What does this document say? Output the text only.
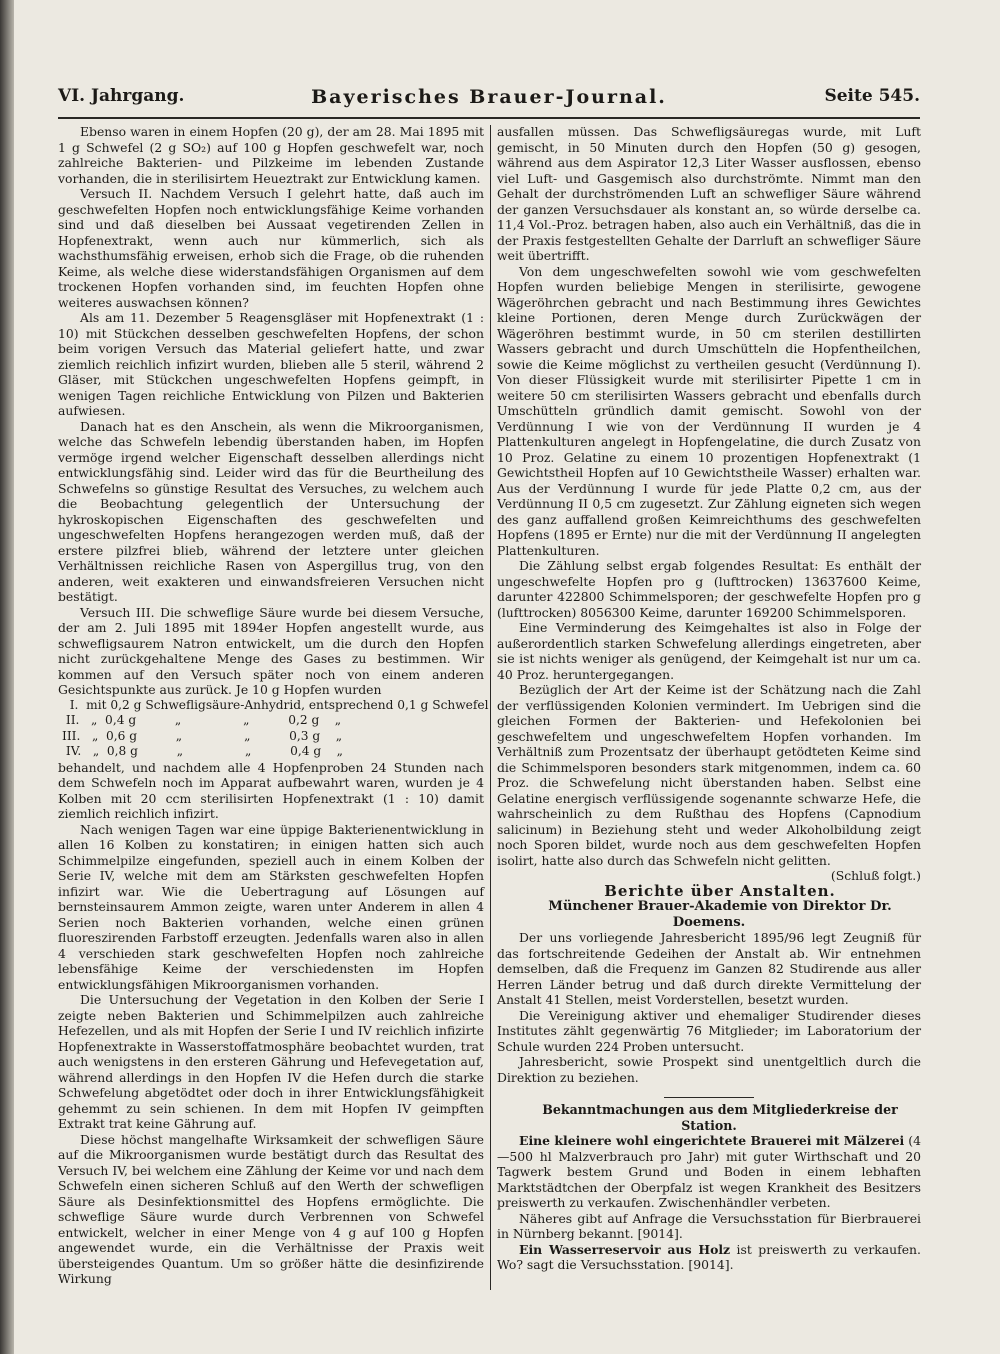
VI. Jahrgang.	Bayerisches Brauer-Journal.	Seite 545.

Ebenso waren in einem Hopfen (20 g), der am 28. Mai 1895 mit 1 g Schwefel (2 g SO₂) auf 100 g Hopfen geschwefelt war, noch zahlreiche Bakterien- und Pilzkeime im lebenden Zustande vorhanden, die in sterilisirtem Heueztrakt zur Entwicklung kamen.

Versuch II. Nachdem Versuch I gelehrt hatte, daß auch im geschwefelten Hopfen noch entwicklungsfähige Keime vorhanden sind und daß dieselben bei Aussaat vegetirenden Zellen in Hopfenextrakt, wenn auch nur kümmerlich, sich als wachsthumsfähig erweisen, erhob sich die Frage, ob die ruhenden Keime, als welche diese widerstandsfähigen Organismen auf dem trockenen Hopfen vorhanden sind, im feuchten Hopfen ohne weiteres auswachsen können?

Als am 11. Dezember 5 Reagensgläser mit Hopfenextrakt (1 : 10) mit Stückchen desselben geschwefelten Hopfens, der schon beim vorigen Versuch das Material geliefert hatte, und zwar ziemlich reichlich infizirt wurden, blieben alle 5 steril, während 2 Gläser, mit Stückchen ungeschwefelten Hopfens geimpft, in wenigen Tagen reichliche Entwicklung von Pilzen und Bakterien aufwiesen.

Danach hat es den Anschein, als wenn die Mikroorganismen, welche das Schwefeln lebendig überstanden haben, im Hopfen vermöge irgend welcher Eigenschaft desselben allerdings nicht entwicklungsfähig sind. Leider wird das für die Beurtheilung des Schwefelns so günstige Resultat des Versuches, zu welchem auch die Beobachtung gelegentlich der Untersuchung der hykroskopischen Eigenschaften des geschwefelten und ungeschwefelten Hopfens herangezogen werden muß, daß der erstere pilzfrei blieb, während der letztere unter gleichen Verhältnissen reichliche Rasen von Aspergillus trug, von den anderen, weit exakteren und einwandsfreieren Versuchen nicht bestätigt.

Versuch III. Die schweflige Säure wurde bei diesem Versuche, der am 2. Juli 1895 mit 1894er Hopfen angestellt wurde, aus schwefligsaurem Natron entwickelt, um die durch den Hopfen nicht zurückgehaltene Menge des Gases zu bestimmen. Wir kommen auf den Versuch später noch von einem anderen Gesichtspunkte aus zurück. Je 10 g Hopfen wurden

I.  mit 0,2 g Schwefligsäure-Anhydrid, entsprechend 0,1 g Schwefel

II.   „  0,4 g          „                „          0,2 g    „

III.   „  0,6 g          „                „          0,3 g    „

IV.   „  0,8 g          „                „          0,4 g    „

behandelt, und nachdem alle 4 Hopfenproben 24 Stunden nach dem Schwefeln noch im Apparat aufbewahrt waren, wurden je 4 Kolben mit 20 ccm sterilisirten Hopfenextrakt (1 : 10) damit ziemlich reichlich infizirt.

Nach wenigen Tagen war eine üppige Bakterienentwicklung in allen 16 Kolben zu konstatiren; in einigen hatten sich auch Schimmelpilze eingefunden, speziell auch in einem Kolben der Serie IV, welche mit dem am Stärksten geschwefelten Hopfen infizirt war. Wie die Uebertragung auf Lösungen auf bernsteinsaurem Ammon zeigte, waren unter Anderem in allen 4 Serien noch Bakterien vorhanden, welche einen grünen fluoreszirenden Farbstoff erzeugten. Jedenfalls waren also in allen 4 verschieden stark geschwefelten Hopfen noch zahlreiche lebensfähige Keime der verschiedensten im Hopfen entwicklungsfähigen Mikroorganismen vorhanden.

Die Untersuchung der Vegetation in den Kolben der Serie I zeigte neben Bakterien und Schimmelpilzen auch zahlreiche Hefezellen, und als mit Hopfen der Serie I und IV reichlich infizirte Hopfenextrakte in Wasserstoffatmosphäre beobachtet wurden, trat auch wenigstens in den ersteren Gährung und Hefevegetation auf, während allerdings in den Hopfen IV die Hefen durch die starke Schwefelung abgetödtet oder doch in ihrer Entwicklungsfähigkeit gehemmt zu sein schienen. In dem mit Hopfen IV geimpften Extrakt trat keine Gährung auf.

Diese höchst mangelhafte Wirksamkeit der schwefligen Säure auf die Mikroorganismen wurde bestätigt durch das Resultat des Versuch IV, bei welchem eine Zählung der Keime vor und nach dem Schwefeln einen sicheren Schluß auf den Werth der schwefligen Säure als Desinfektionsmittel des Hopfens ermöglichte. Die schweflige Säure wurde durch Verbrennen von Schwefel entwickelt, welcher in einer Menge von 4 g auf 100 g Hopfen angewendet wurde, ein die Verhältnisse der Praxis weit übersteigendes Quantum. Um so größer hätte die desinfizirende Wirkung

ausfallen müssen. Das Schwefligsäuregas wurde, mit Luft gemischt, in 50 Minuten durch den Hopfen (50 g) gesogen, während aus dem Aspirator 12,3 Liter Wasser ausflossen, ebenso viel Luft- und Gasgemisch also durchströmte. Nimmt man den Gehalt der durchströmenden Luft an schwefliger Säure während der ganzen Versuchsdauer als konstant an, so würde derselbe ca. 11,4 Vol.-Proz. betragen haben, also auch ein Verhältniß, das die in der Praxis festgestellten Gehalte der Darrluft an schwefliger Säure weit übertrifft.

Von dem ungeschwefelten sowohl wie vom geschwefelten Hopfen wurden beliebige Mengen in sterilisirte, gewogene Wägeröhrchen gebracht und nach Bestimmung ihres Gewichtes kleine Portionen, deren Menge durch Zurückwägen der Wägeröhren bestimmt wurde, in 50 cm sterilen destillirten Wassers gebracht und durch Umschütteln die Hopfentheilchen, sowie die Keime möglichst zu vertheilen gesucht (Verdünnung I). Von dieser Flüssigkeit wurde mit sterilisirter Pipette 1 cm in weitere 50 cm sterilisirten Wassers gebracht und ebenfalls durch Umschütteln gründlich damit gemischt. Sowohl von der Verdünnung I wie von der Verdünnung II wurden je 4 Plattenkulturen angelegt in Hopfengelatine, die durch Zusatz von 10 Proz. Gelatine zu einem 10 prozentigen Hopfenextrakt (1 Gewichtstheil Hopfen auf 10 Gewichtstheile Wasser) erhalten war. Aus der Verdünnung I wurde für jede Platte 0,2 cm, aus der Verdünnung II 0,5 cm zugesetzt. Zur Zählung eigneten sich wegen des ganz auffallend großen Keimreichthums des geschwefelten Hopfens (1895 er Ernte) nur die mit der Verdünnung II angelegten Plattenkulturen.

Die Zählung selbst ergab folgendes Resultat: Es enthält der ungeschwefelte Hopfen pro g (lufttrocken) 13637600 Keime, darunter 422800 Schimmelsporen; der geschwefelte Hopfen pro g (lufttrocken) 8056300 Keime, darunter 169200 Schimmelsporen.

Eine Verminderung des Keimgehaltes ist also in Folge der außerordentlich starken Schwefelung allerdings eingetreten, aber sie ist nichts weniger als genügend, der Keimgehalt ist nur um ca. 40 Proz. heruntergegangen.

Bezüglich der Art der Keime ist der Schätzung nach die Zahl der verflüssigenden Kolonien vermindert. Im Uebrigen sind die gleichen Formen der Bakterien- und Hefekolonien bei geschwefeltem und ungeschwefeltem Hopfen vorhanden. Im Verhältniß zum Prozentsatz der überhaupt getödteten Keime sind die Schimmelsporen besonders stark mitgenommen, indem ca. 60 Proz. die Schwefelung nicht überstanden haben. Selbst eine Gelatine energisch verflüssigende sogenannte schwarze Hefe, die wahrscheinlich zu dem Rußthau des Hopfens (Capnodium salicinum) in Beziehung steht und weder Alkoholbildung zeigt noch Sporen bildet, wurde noch aus dem geschwefelten Hopfen isolirt, hatte also durch das Schwefeln nicht gelitten.

(Schluß folgt.)

Berichte über Anstalten.

Münchener Brauer-Akademie von Direktor Dr. Doemens.

Der uns vorliegende Jahresbericht 1895/96 legt Zeugniß für das fortschreitende Gedeihen der Anstalt ab. Wir entnehmen demselben, daß die Frequenz im Ganzen 82 Studirende aus aller Herren Länder betrug und daß durch direkte Vermittelung der Anstalt 41 Stellen, meist Vorderstellen, besetzt wurden.

Die Vereinigung aktiver und ehemaliger Studirender dieses Institutes zählt gegenwärtig 76 Mitglieder; im Laboratorium der Schule wurden 224 Proben untersucht.

Jahresbericht, sowie Prospekt sind unentgeltlich durch die Direktion zu beziehen.

Bekanntmachungen aus dem Mitgliederkreise der Station.

Eine kleinere wohl eingerichtete Brauerei mit Mälzerei (4—500 hl Malzverbrauch pro Jahr) mit guter Wirthschaft und 20 Tagwerk bestem Grund und Boden in einem lebhaften Marktstädtchen der Oberpfalz ist wegen Krankheit des Besitzers preiswerth zu verkaufen. Zwischenhändler verbeten.

Näheres gibt auf Anfrage die Versuchsstation für Bierbrauerei in Nürnberg bekannt. [9014].

Ein Wasserreservoir aus Holz ist preiswerth zu verkaufen. Wo? sagt die Versuchsstation. [9014].
